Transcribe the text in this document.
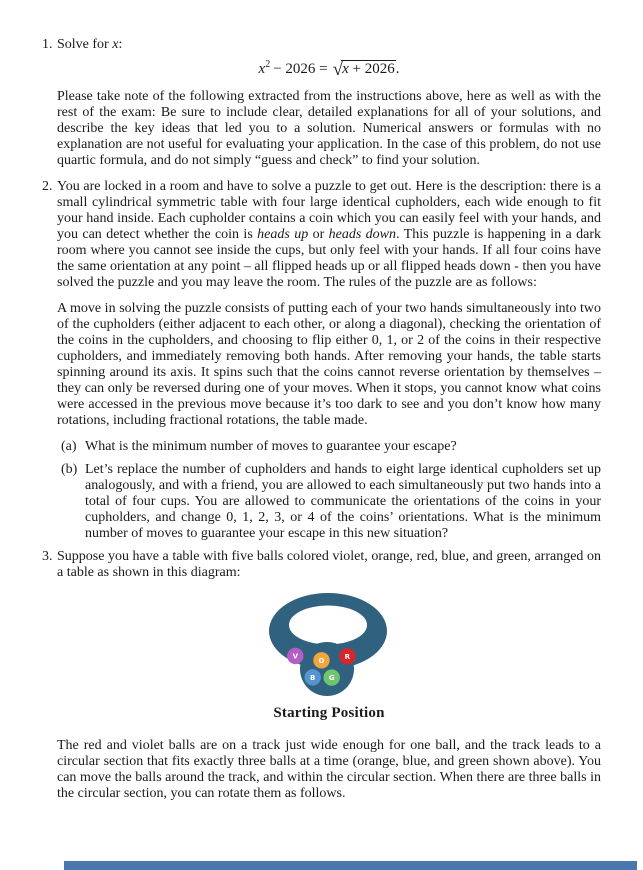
1. Solve for x:

$x^2 - 2026 = √x + 2026$.

Please take note of the following extracted from the instructions above, here as well as with the rest of the exam: Be sure to include clear, detailed explanations for all of your solutions, and describe the key ideas that led you to a solution. Numerical answers or formulas with no explanation are not useful for evaluating your application. In the case of this problem, do not use quartic formula, and do not simply “guess and check” to find your solution.

2. You are locked in a room and have to solve a puzzle to get out. Here is the description: there is a small cylindrical symmetric table with four large identical cupholders, each wide enough to fit your hand inside. Each cupholder contains a coin which you can easily feel with your hands, and you can detect whether the coin is heads up or heads down. This puzzle is happening in a dark room where you cannot see inside the cups, but only feel with your hands. If all four coins have the same orientation at any point – all flipped heads up or all flipped heads down - then you have solved the puzzle and you may leave the room. The rules of the puzzle are as follows:

A move in solving the puzzle consists of putting each of your two hands simultaneously into two of the cupholders (either adjacent to each other, or along a diagonal), checking the orientation of the coins in the cupholders, and choosing to flip either 0, 1, or 2 of the coins in their respective cupholders, and immediately removing both hands. After removing your hands, the table starts spinning around its axis. It spins such that the coins cannot reverse orientation by themselves – they can only be reversed during one of your moves. When it stops, you cannot know what coins were accessed in the previous move because it’s too dark to see and you don’t know how many rotations, including fractional rotations, the table made.

(a) What is the minimum number of moves to guarantee your escape?
(b) Let’s replace the number of cupholders and hands to eight large identical cupholders set up analogously, and with a friend, you are allowed to each simultaneously put two hands into a total of four cups. You are allowed to communicate the orientations of the coins in your cupholders, and change 0, 1, 2, 3, or 4 of the coins’ orientations. What is the minimum number of moves to guarantee your escape in this new situation?
3. Suppose you have a table with five balls colored violet, orange, red, blue, and green, arranged on a table as shown in this diagram:

V
O	R
B G
Starting Position

The red and violet balls are on a track just wide enough for one ball, and the track leads to a circular section that fits exactly three balls at a time (orange, blue, and green shown above). You can move the balls around the track, and within the circular section. When there are three balls in the circular section, you can rotate them as follows.
